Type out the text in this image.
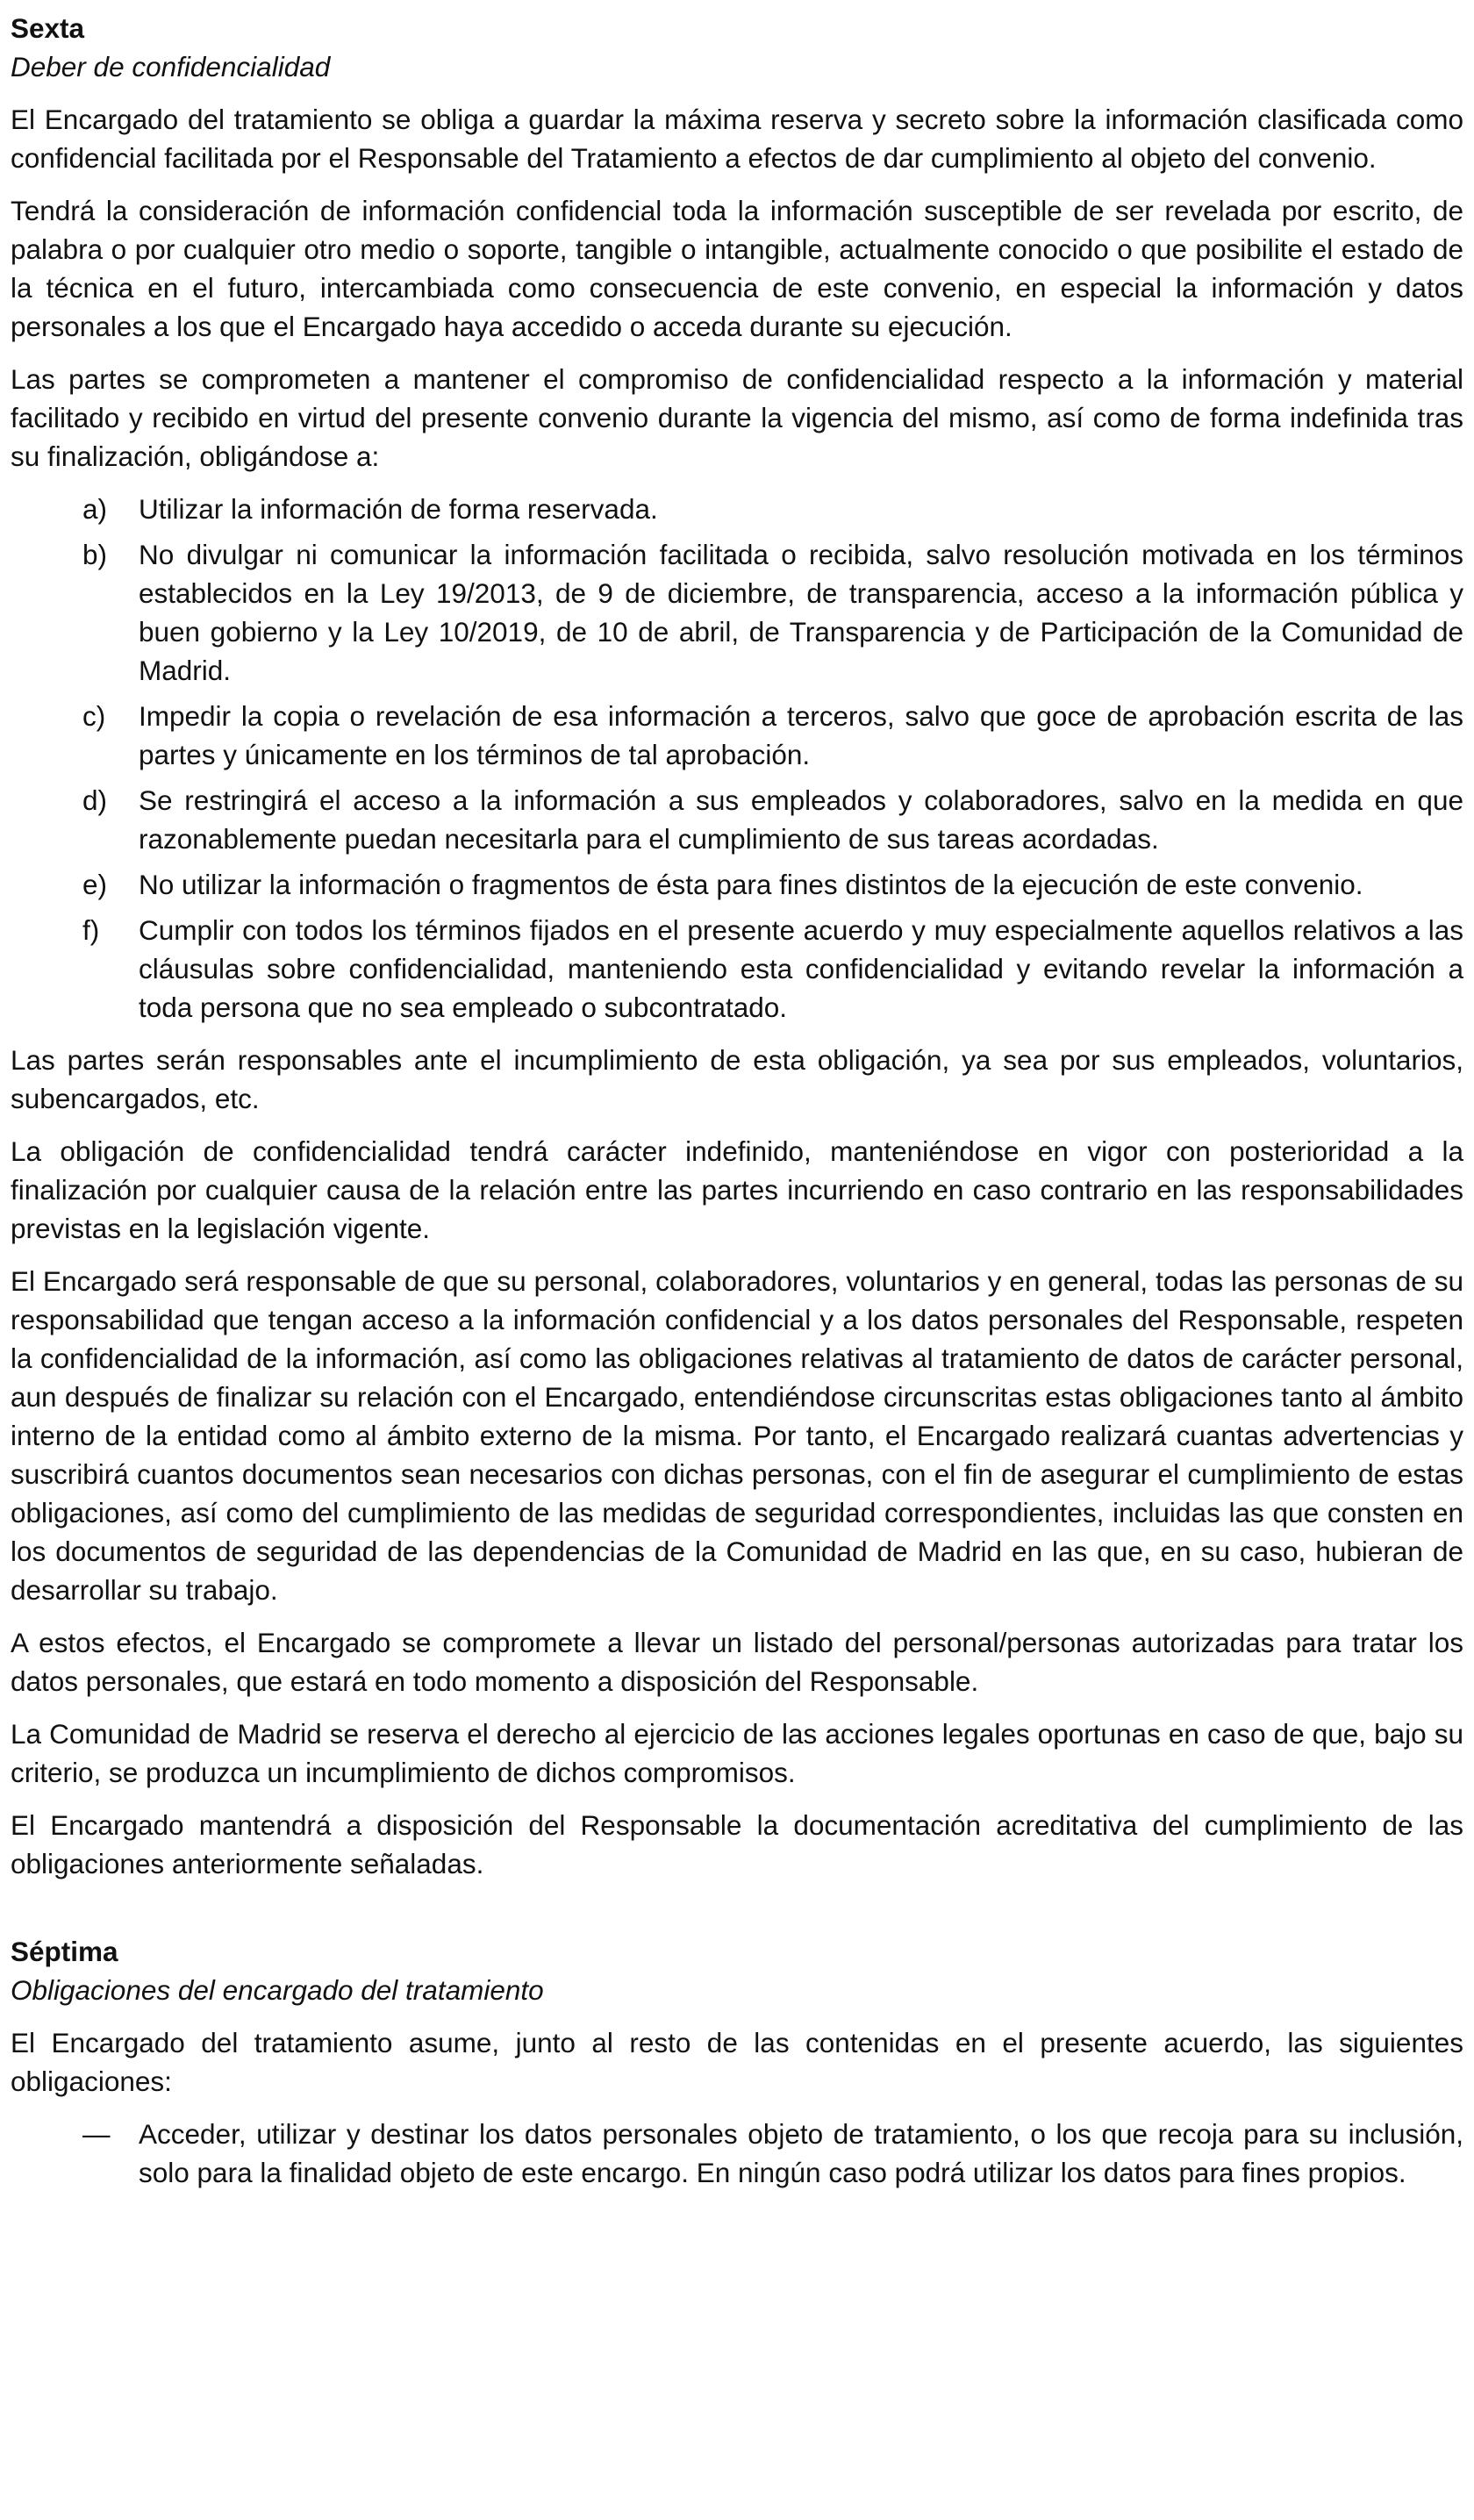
Sexta

Deber de confidencialidad

El Encargado del tratamiento se obliga a guardar la máxima reserva y secreto sobre la información clasificada como confidencial facilitada por el Responsable del Tratamiento a efectos de dar cumplimiento al objeto del convenio.

Tendrá la consideración de información confidencial toda la información susceptible de ser revelada por escrito, de palabra o por cualquier otro medio o soporte, tangible o intangible, actualmente conocido o que posibilite el estado de la técnica en el futuro, intercambiada como consecuencia de este convenio, en especial la información y datos personales a los que el Encargado haya accedido o acceda durante su ejecución.

Las partes se comprometen a mantener el compromiso de confidencialidad respecto a la información y material facilitado y recibido en virtud del presente convenio durante la vigencia del mismo, así como de forma indefinida tras su finalización, obligándose a:

a)	Utilizar la información de forma reservada.
b)	No divulgar ni comunicar la información facilitada o recibida, salvo resolución motivada en los términos establecidos en la Ley 19/2013, de 9 de diciembre, de transparencia, acceso a la información pública y buen gobierno y la Ley 10/2019, de 10 de abril, de Transparencia y de Participación de la Comunidad de Madrid.
c)	Impedir la copia o revelación de esa información a terceros, salvo que goce de aprobación escrita de las partes y únicamente en los términos de tal aprobación.
d)	Se restringirá el acceso a la información a sus empleados y colaboradores, salvo en la medida en que razonablemente puedan necesitarla para el cumplimiento de sus tareas acordadas.
e)	No utilizar la información o fragmentos de ésta para fines distintos de la ejecución de este convenio.
f)	Cumplir con todos los términos fijados en el presente acuerdo y muy especialmente aquellos relativos a las cláusulas sobre confidencialidad, manteniendo esta confidencialidad y evitando revelar la información a toda persona que no sea empleado o subcontratado.

Las partes serán responsables ante el incumplimiento de esta obligación, ya sea por sus empleados, voluntarios, subencargados, etc.

La obligación de confidencialidad tendrá carácter indefinido, manteniéndose en vigor con posterioridad a la finalización por cualquier causa de la relación entre las partes incurriendo en caso contrario en las responsabilidades previstas en la legislación vigente.

El Encargado será responsable de que su personal, colaboradores, voluntarios y en general, todas las personas de su responsabilidad que tengan acceso a la información confidencial y a los datos personales del Responsable, respeten la confidencialidad de la información, así como las obligaciones relativas al tratamiento de datos de carácter personal, aun después de finalizar su relación con el Encargado, entendiéndose circunscritas estas obligaciones tanto al ámbito interno de la entidad como al ámbito externo de la misma. Por tanto, el Encargado realizará cuantas advertencias y suscribirá cuantos documentos sean necesarios con dichas personas, con el fin de asegurar el cumplimiento de estas obligaciones, así como del cumplimiento de las medidas de seguridad correspondientes, incluidas las que consten en los documentos de seguridad de las dependencias de la Comunidad de Madrid en las que, en su caso, hubieran de desarrollar su trabajo.

A estos efectos, el Encargado se compromete a llevar un listado del personal/personas autorizadas para tratar los datos personales, que estará en todo momento a disposición del Responsable.

La Comunidad de Madrid se reserva el derecho al ejercicio de las acciones legales oportunas en caso de que, bajo su criterio, se produzca un incumplimiento de dichos compromisos.

El Encargado mantendrá a disposición del Responsable la documentación acreditativa del cumplimiento de las obligaciones anteriormente señaladas.

Séptima

Obligaciones del encargado del tratamiento

El Encargado del tratamiento asume, junto al resto de las contenidas en el presente acuerdo, las siguientes obligaciones:

—	Acceder, utilizar y destinar los datos personales objeto de tratamiento, o los que recoja para su inclusión, solo para la finalidad objeto de este encargo. En ningún caso podrá utilizar los datos para fines propios.
